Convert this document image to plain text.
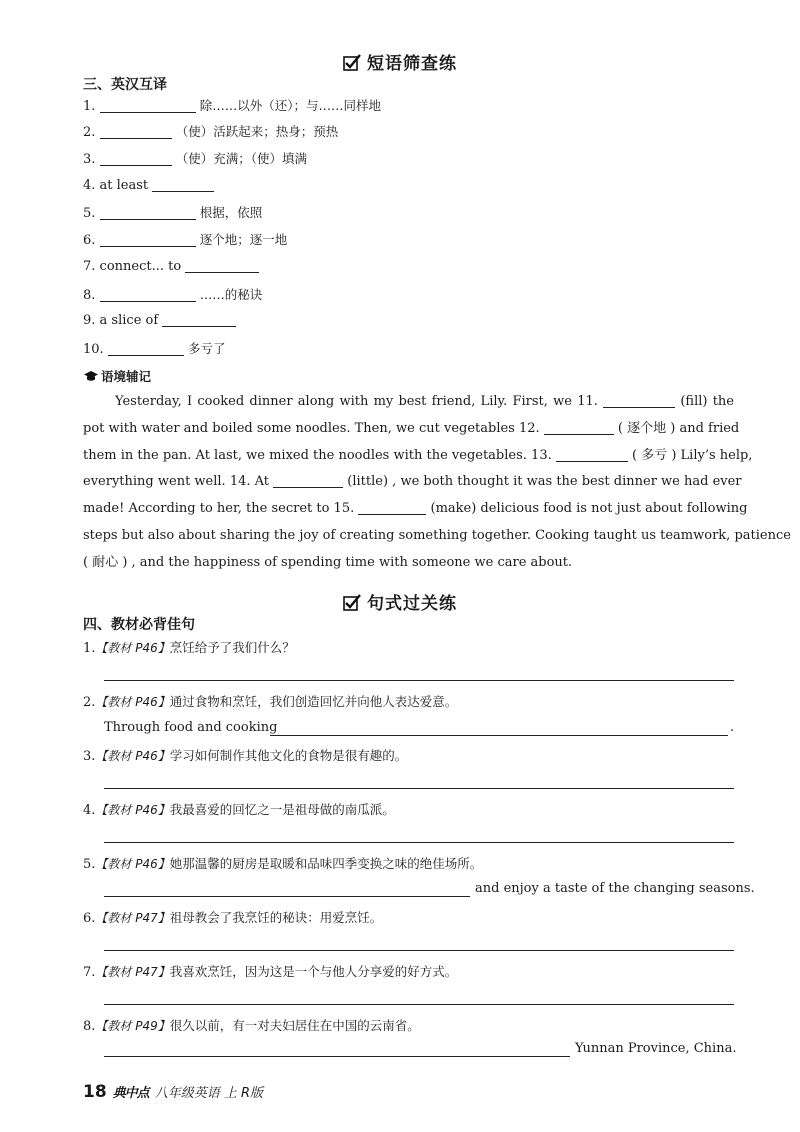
短语筛查练
三、英汉互译
1.	除……以外（还）；与……同样地
2.	（使）活跃起来；热身；预热
3.	（使）充满；（使）填满
4. at least
5.	根据，依照
6.	逐个地；逐一地
7. connect... to
8.	……的秘诀
9. a slice of
10.	多亏了
语境辅记
Yesterday, I cooked dinner along with my best friend, Lily. First, we 11.	(fill) the
pot with water and boiled some noodles. Then, we cut vegetables 12.	( 逐个地 ) and fried
them in the pan. At last, we mixed the noodles with the vegetables. 13.	( 多亏 ) Lily’s help,
everything went well. 14. At	(little) , we both thought it was the best dinner we had ever
made! According to her, the secret to 15.	(make) delicious food is not just about following
steps but also about sharing the joy of creating something together. Cooking taught us teamwork, patience
( 耐心 ) , and the happiness of spending time with someone we care about.
句式过关练
四、教材必背佳句
1.【教材 P46】烹饪给予了我们什么？
2.【教材 P46】通过食物和烹饪，我们创造回忆并向他人表达爱意。
Through food and cooking	.
3.【教材 P46】学习如何制作其他文化的食物是很有趣的。
4.【教材 P46】我最喜爱的回忆之一是祖母做的南瓜派。
5.【教材 P46】她那温馨的厨房是取暖和品味四季变换之味的绝佳场所。
and enjoy a taste of the changing seasons.
6.【教材 P47】祖母教会了我烹饪的秘诀：用爱烹饪。
7.【教材 P47】我喜欢烹饪，因为这是一个与他人分享爱的好方式。
8.【教材 P49】很久以前，有一对夫妇居住在中国的云南省。
Yunnan Province, China.
18 典中点 八年级英语 上 R版
